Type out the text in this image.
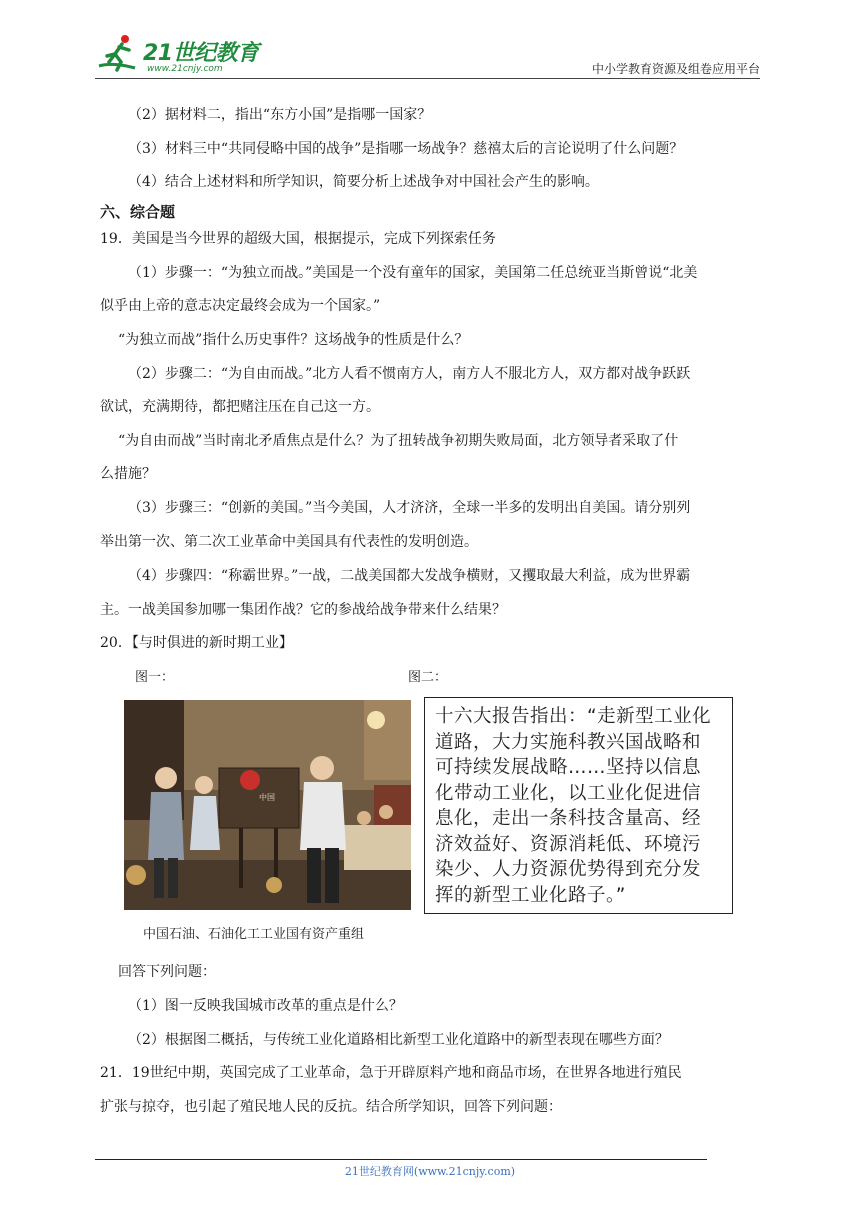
21世纪教育
www.21cnjy.com	中小学教育资源及组卷应用平台
（2）据材料二，指出“东方小国”是指哪一国家？
（3）材料三中“共同侵略中国的战争”是指哪一场战争？慈禧太后的言论说明了什么问题？
（4）结合上述材料和所学知识，简要分析上述战争对中国社会产生的影响。
六、综合题
19．美国是当今世界的超级大国，根据提示，完成下列探索任务
（1）步骤一：“为独立而战。”美国是一个没有童年的国家，美国第二任总统亚当斯曾说“北美
似乎由上帝的意志决定最终会成为一个国家。”
“为独立而战”指什么历史事件？这场战争的性质是什么？
（2）步骤二：“为自由而战。”北方人看不惯南方人，南方人不服北方人，双方都对战争跃跃
欲试，充满期待，都把赌注压在自己这一方。
“为自由而战”当时南北矛盾焦点是什么？为了扭转战争初期失败局面，北方领导者采取了什
么措施？
（3）步骤三：“创新的美国。”当今美国，人才济济，全球一半多的发明出自美国。请分别列
举出第一次、第二次工业革命中美国具有代表性的发明创造。
（4）步骤四：“称霸世界。”一战，二战美国都大发战争横财，又攫取最大利益，成为世界霸
主。一战美国参加哪一集团作战？它的参战给战争带来什么结果？
20．【与时俱进的新时期工业】
图一：	图二：
中国
十六大报告指出：“走新型工业化
道路，大力实施科教兴国战略和
可持续发展战略……坚持以信息
化带动工业化，以工业化促进信
息化，走出一条科技含量高、经
济效益好、资源消耗低、环境污
染少、人力资源优势得到充分发
挥的新型工业化路子。”
中国石油、石油化工工业国有资产重组
回答下列问题：
（1）图一反映我国城市改革的重点是什么？
（2）根据图二概括，与传统工业化道路相比新型工业化道路中的新型表现在哪些方面？
21．19世纪中期，英国完成了工业革命，急于开辟原料产地和商品市场，在世界各地进行殖民
扩张与掠夺，也引起了殖民地人民的反抗。结合所学知识，回答下列问题：
21世纪教育网(www.21cnjy.com)
